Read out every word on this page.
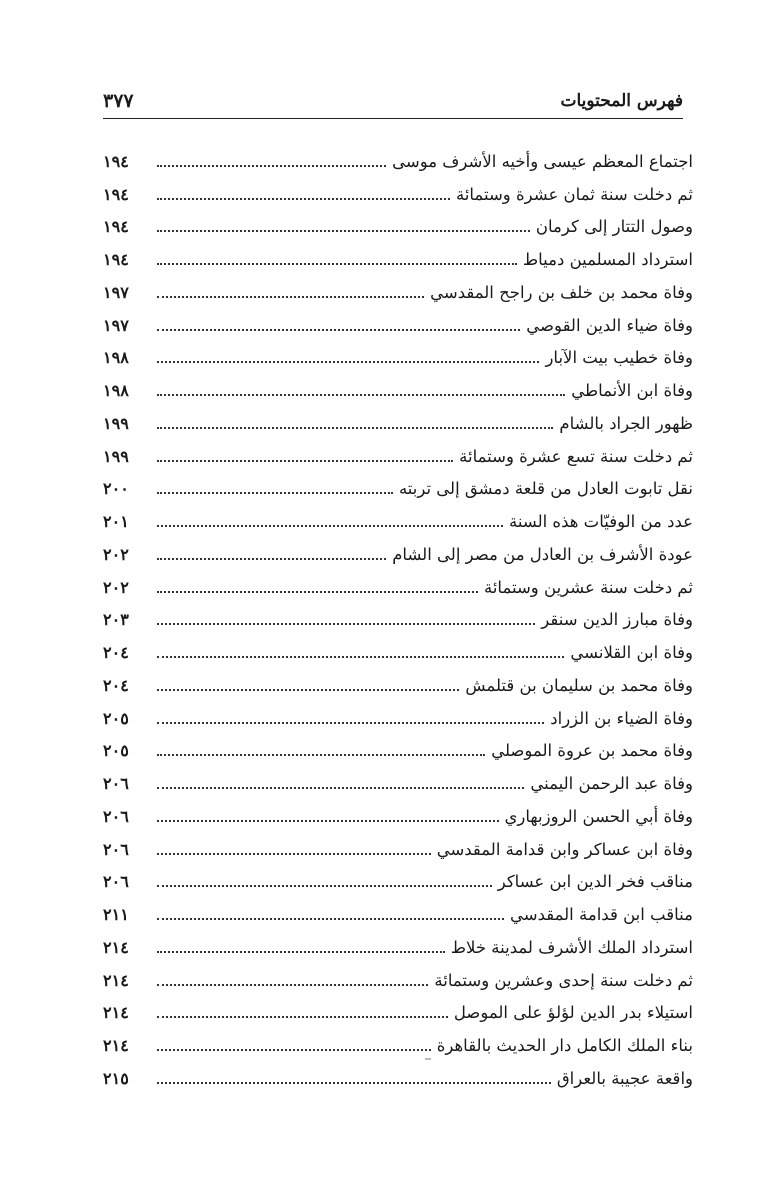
فهرس المحتويات
٣٧٧
اجتماع المعظم عيسى وأخيه الأشرف موسى
١٩٤
ثم دخلت سنة ثمان عشرة وستمائة
١٩٤
وصول التتار إلى كرمان
١٩٤
استرداد المسلمين دمياط
١٩٤
وفاة محمد بن خلف بن راجح المقدسي
١٩٧
وفاة ضياء الدين القوصي
١٩٧
وفاة خطيب بيت الآبار
١٩٨
وفاة ابن الأنماطي
١٩٨
ظهور الجراد بالشام
١٩٩
ثم دخلت سنة تسع عشرة وستمائة
١٩٩
نقل تابوت العادل من قلعة دمشق إلى تربته
٢٠٠
عدد من الوفيّات هذه السنة
٢٠١
عودة الأشرف بن العادل من مصر إلى الشام
٢٠٢
ثم دخلت سنة عشرين وستمائة
٢٠٢
وفاة مبارز الدين سنقر
٢٠٣
وفاة ابن القلانسي
٢٠٤
وفاة محمد بن سليمان بن قتلمش
٢٠٤
وفاة الضياء بن الزراد
٢٠٥
وفاة محمد بن عروة الموصلي
٢٠٥
وفاة عبد الرحمن اليمني
٢٠٦
وفاة أبي الحسن الروزبهاري
٢٠٦
وفاة ابن عساكر وابن قدامة المقدسي
٢٠٦
مناقب فخر الدين ابن عساكر
٢٠٦
مناقب ابن قدامة المقدسي
٢١١
استرداد الملك الأشرف لمدينة خلاط
٢١٤
ثم دخلت سنة إحدى وعشرين وستمائة
٢١٤
استيلاء بدر الدين لؤلؤ على الموصل
٢١٤
بناء الملك الكامل دار الحديث بالقاهرة
٢١٤
واقعة عجيبة بالعراق
٢١٥
